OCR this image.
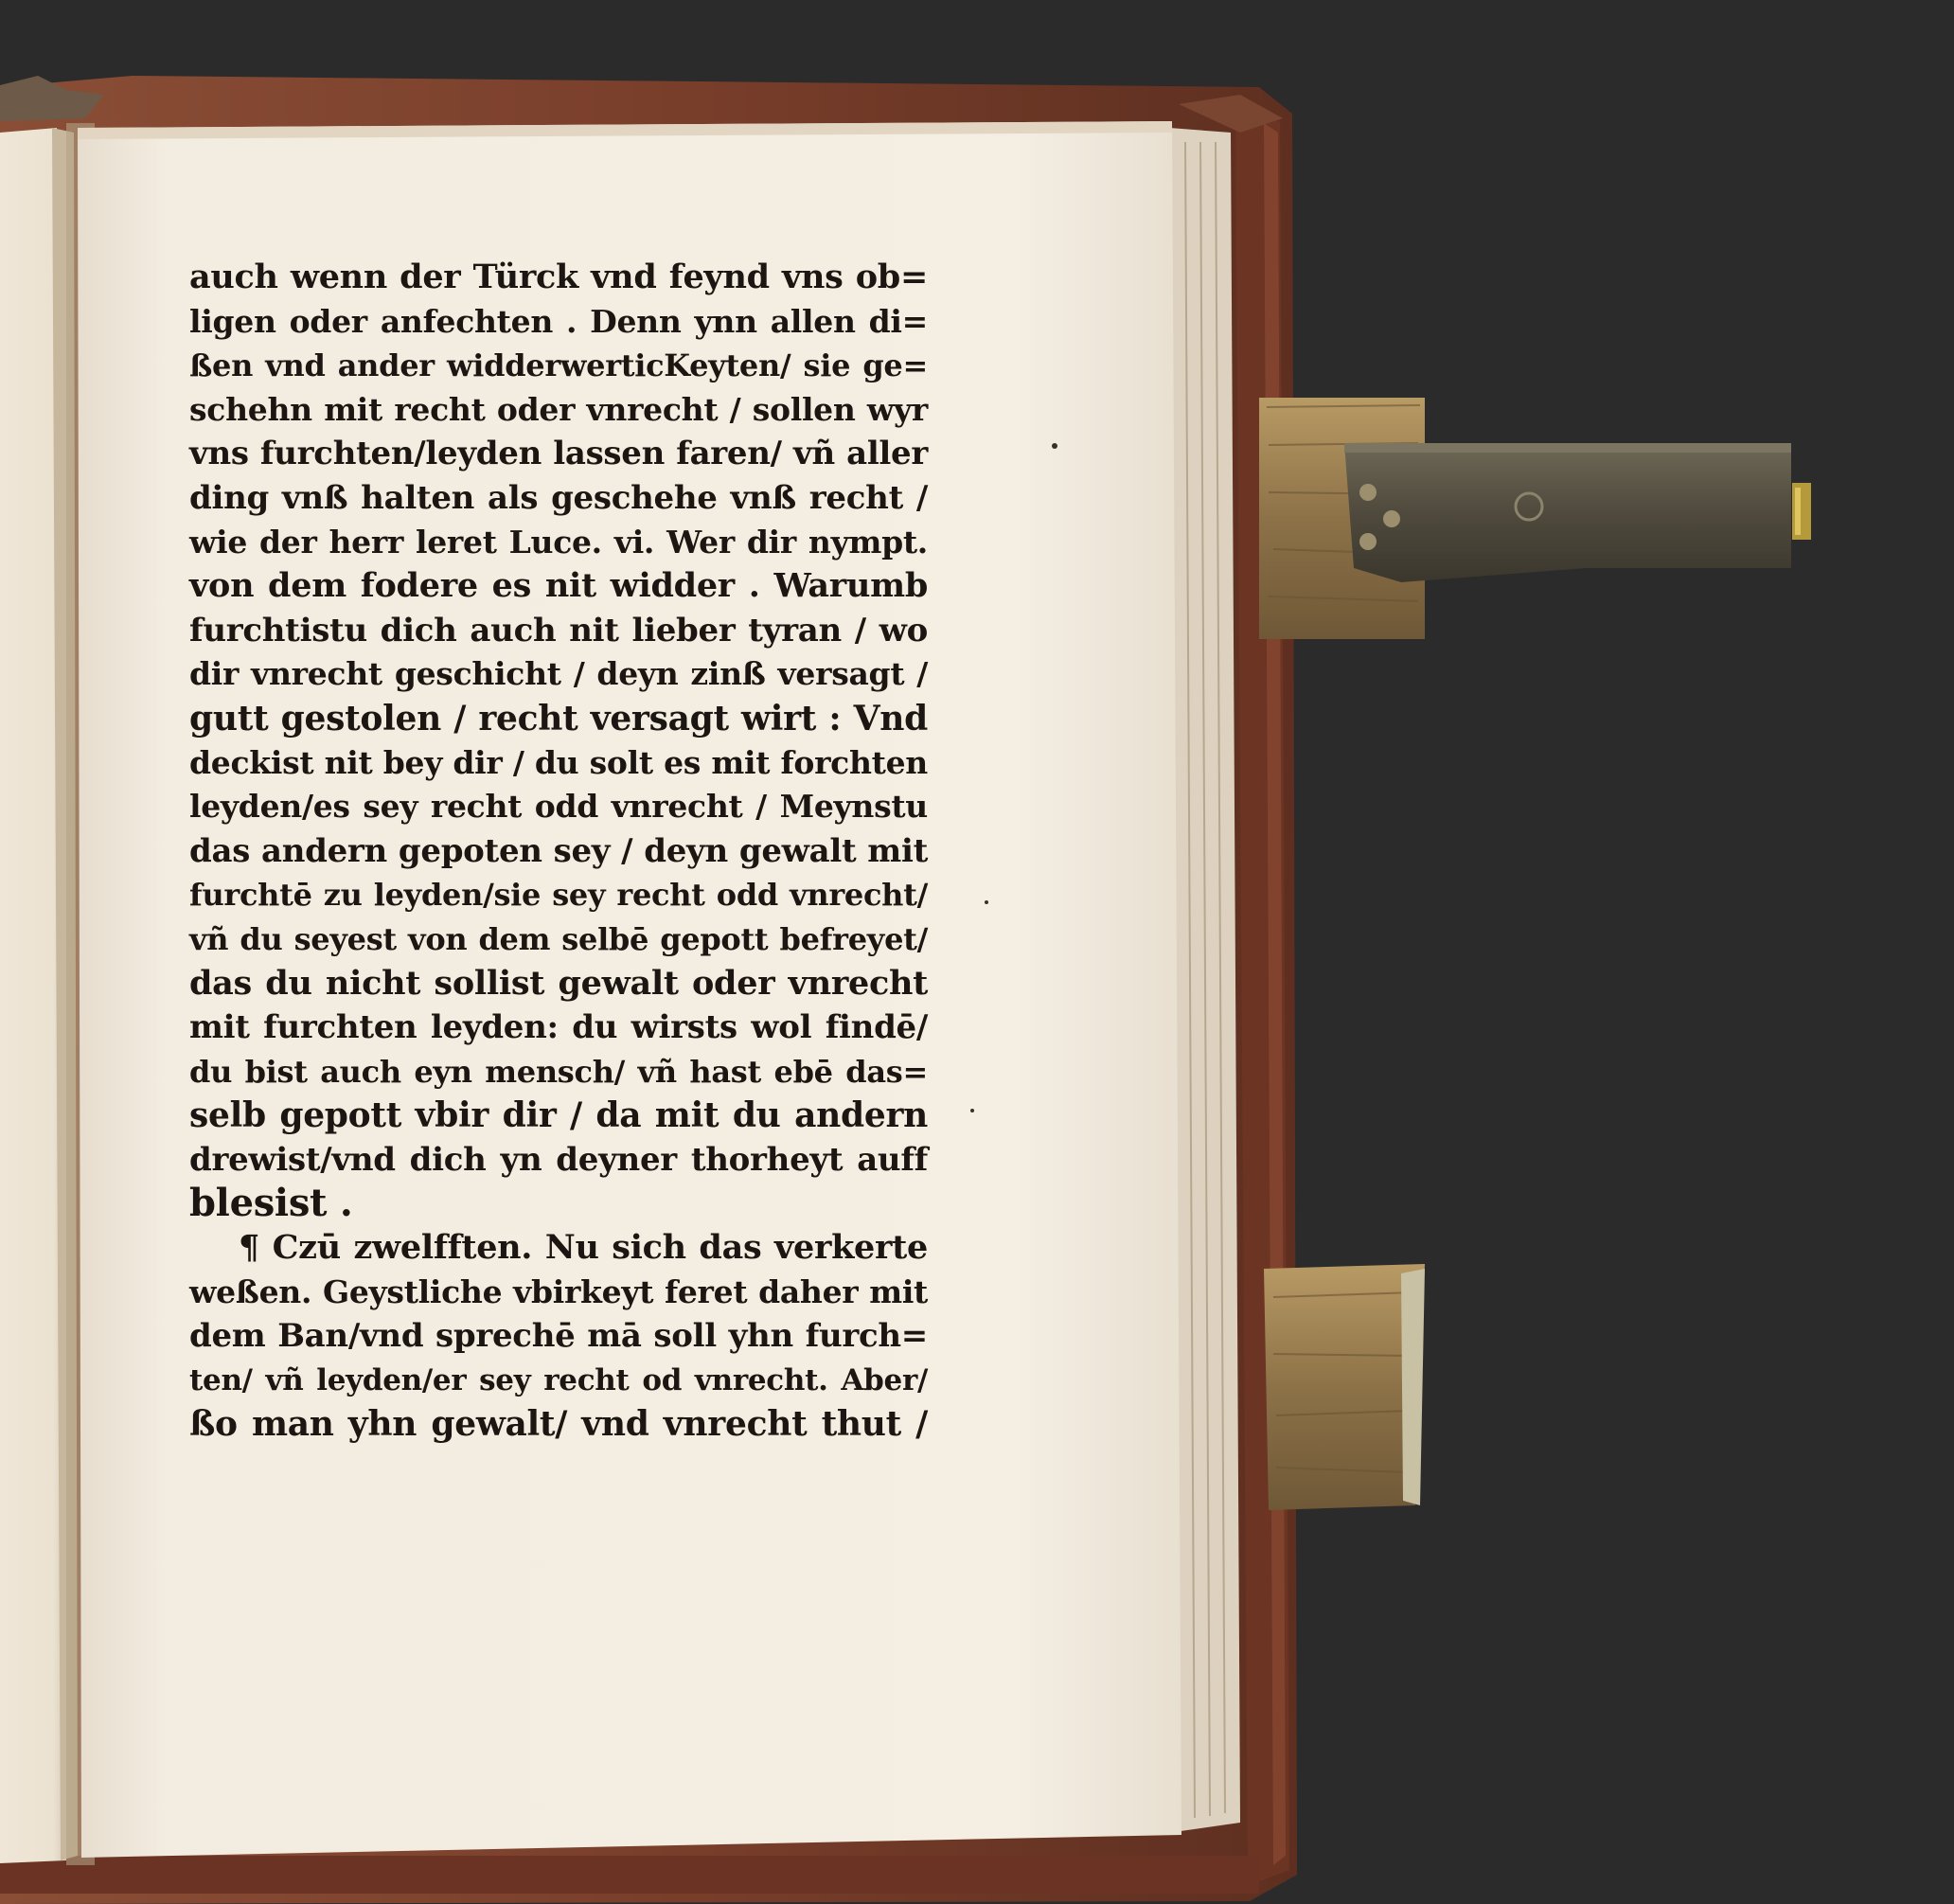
auch wenn der Türck vnd feynd vns ob=
ligen oder anfechten . Denn ynn allen di=
ßen vnd ander widderwerticKeyten/ sie ge=
schehn mit recht oder vnrecht / sollen wyr
vns furchten/leyden lassen faren/ vñ aller
ding vnß halten als geschehe vnß recht /
wie der herr leret Luce. vi. Wer dir nympt.
von dem fodere es nit widder . Warumb
furchtistu dich auch nit lieber tyran / wo
dir vnrecht geschicht / deyn zinß versagt /
gutt gestolen / recht versagt wirt : Vnd
deckist nit bey dir / du solt es mit forchten
leyden/es sey recht odd vnrecht / Meynstu
das andern gepoten sey / deyn gewalt mit
furchtē zu leyden/sie sey recht odd vnrecht/
vñ du seyest von dem selbē gepott befreyet/
das du nicht sollist gewalt oder vnrecht
mit furchten leyden: du wirsts wol findē/
du bist auch eyn mensch/ vñ hast ebē das=
selb gepott vbir dir / da mit du andern
drewist/vnd dich yn deyner thorheyt auff
blesist .
¶ Czū zwelfften. Nu sich das verkerte
weßen. Geystliche vbirkeyt feret daher mit
dem Ban/vnd sprechē mā soll yhn furch=
ten/ vñ leyden/er sey recht od vnrecht. Aber/
ßo man yhn gewalt/ vnd vnrecht thut /
